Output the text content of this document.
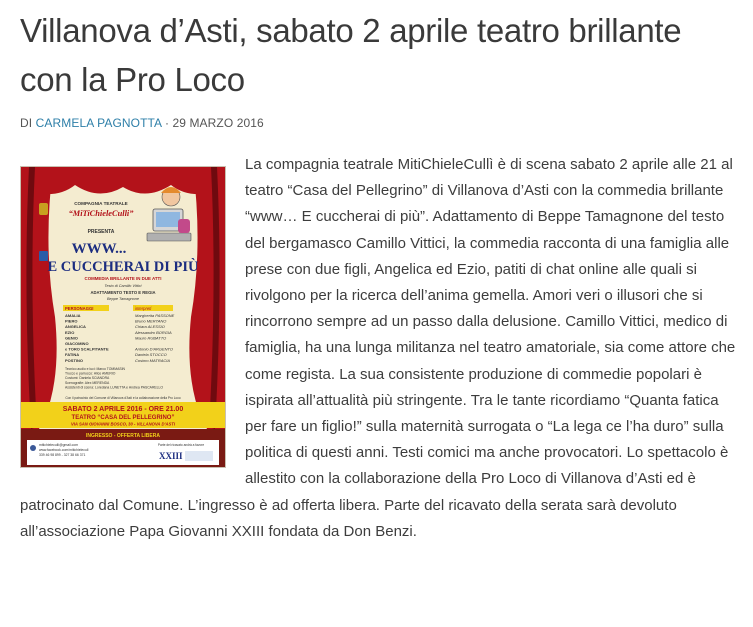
Villanova d’Asti, sabato 2 aprile teatro brillante con la Pro Loco
DI CARMELA PAGNOTTA · 29 MARZO 2016

La compagnia teatrale MitiChieleCullì è di scena sabato 2 aprile alle 21 al teatro “Casa del Pellegrino” di Villanova d’Asti con la commedia brillante “www… E cuccherai di più”. Adattamento di Beppe Tamagnone del testo del bergamasco Camillo Vittici, la commedia racconta di una famiglia alle prese con due figli, Angelica ed Ezio, patiti di chat online alle quali si rivolgono per la ricerca dell’anima gemella. Amori veri o illusori che si rincorrono sempre ad un passo dalla delusione. Camillo Vittici, medico di famiglia, ha una lunga militanza nel teatro amatoriale, sia come attore che come regista. La sua consistente produzione di commedie popolari è ispirata all’attualità più stringente. Tra le tante ricordiamo “Quanta fatica per fare un figlio!” sulla maternità surrogata o “La lega ce l’ha duro” sulla politica di questi anni. Testi comici ma anche provocatori. Lo spettacolo è allestito con la collaborazione della Pro Loco di Villanova d’Asti ed è patrocinato dal Comune. L’ingresso è ad offerta libera. Parte del ricavato della serata sarà devoluto all’associazione Papa Giovanni XXIII fondata da Don Benzi.

COMPAGNIA TEATRALE
“MiTiChieleCulli”
PRESENTA
WWW...
E CUCCHERAI DI PIÙ
COMMEDIA BRILLANTE IN DUE ATTI
Testo di Camillo Vittici
ADATTAMENTO TESTO E REGIA
Beppe Tamagnone
PERSONAGGI	interpreti
AMALIA	Margherita PASSONE
PIERO	Bruno MERTANO
ANGELICA	Chiara ALESSIO
EZIO	Alessandro BORGIA
GENIO	Mauro RUBATTO
GIACOMINO
e TORO SCALPITANTE	Antonio D'ARGENTO
FATINA	Daniela STOCCO
POSTINO	Cosimo MATRACIA
Tecnico audio e luci: Marco TOMMASIN
Trucco e parrucco: Alice AMERIO
Costumi: Daniela SCIANDRA
Scenografie: Alex MERENDA
Assistenti di scena: Loredana LUNETTA e Andrea PASCARELLO
Con il patrocinio del Comune di Villanova d'Asti e la collaborazione della Pro Loco
SABATO 2 APRILE 2016 - ORE 21.00
TEATRO “CASA DEL PELLEGRINO”
VIA SAN GIOVANNI BOSCO, 30 - VILLANOVA D'ASTI
INGRESSO - OFFERTA LIBERA
mitichielecullì@gmail.com
www.facebook.com/mitichielecull
339 46 98 899 - 327 38 66 371
Parte del ricavato andrà a favore
XXIII
